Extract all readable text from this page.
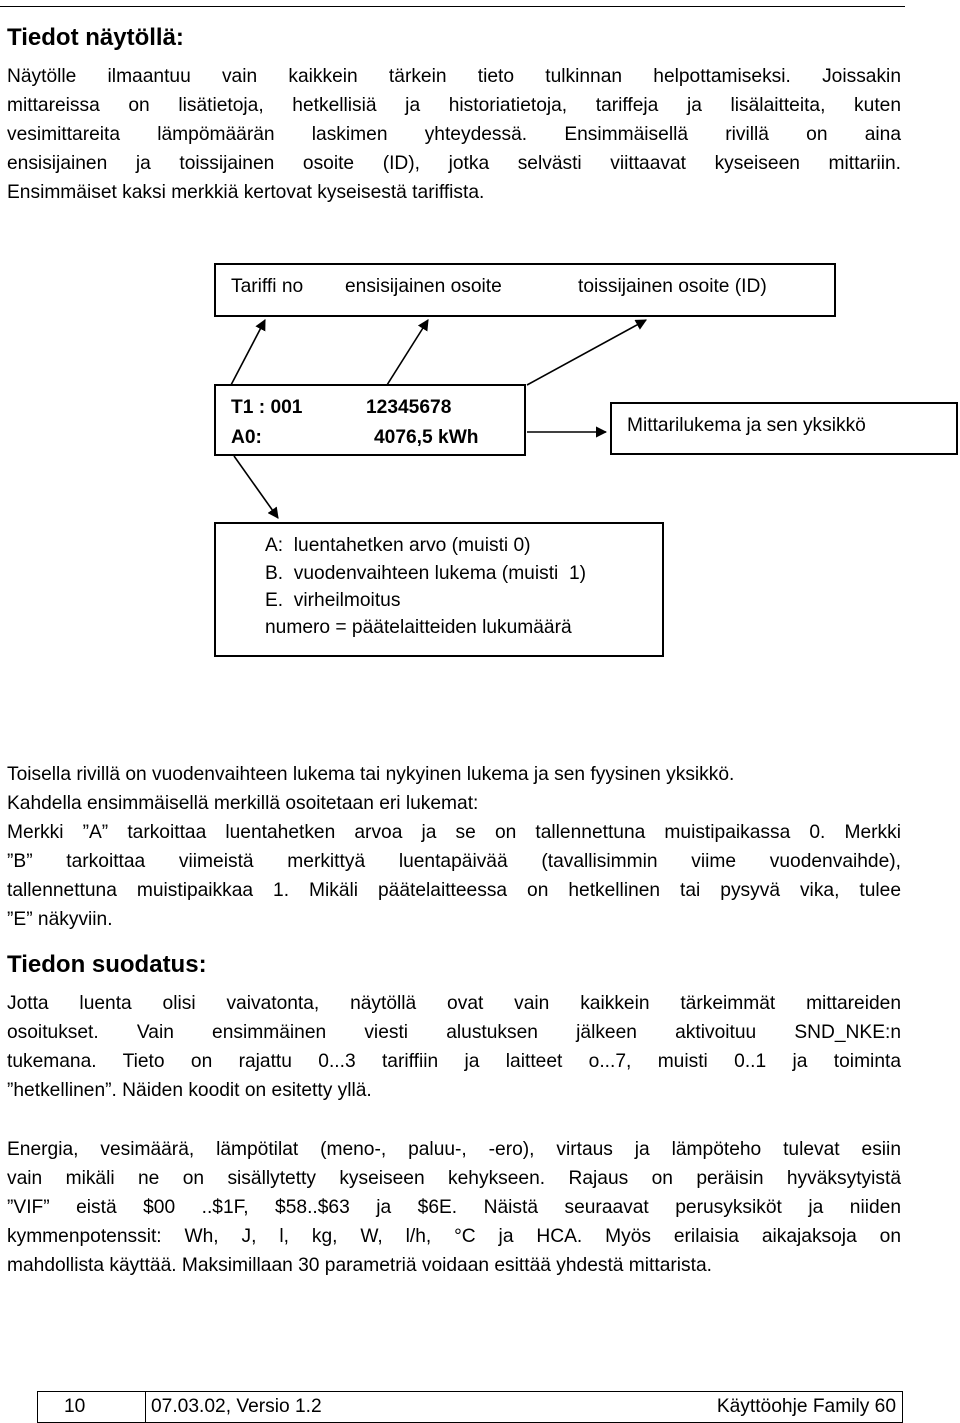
Tiedot näytöllä:
Näytölle ilmaantuu vain kaikkein tärkein tieto tulkinnan helpottamiseksi. Joissakin
mittareissa on lisätietoja, hetkellisiä ja historiatietoja, tariffeja ja lisälaitteita, kuten
vesimittareita lämpömäärän laskimen yhteydessä. Ensimmäisellä rivillä on aina
ensisijainen ja toissijainen osoite (ID), jotka selvästi viittaavat kyseiseen mittariin.
Ensimmäiset kaksi merkkiä kertovat kyseisestä tariffista.
Tariffi no ensisijainen osoite	toissijainen osoite (ID)
T1 : 001	12345678
A0:	4076,5 kWh
Mittarilukema ja sen yksikkö
A:  luentahetken arvo (muisti 0)
B.  vuodenvaihteen lukema (muisti  1)
E.  virheilmoitus
numero = päätelaitteiden lukumäärä
Toisella rivillä on vuodenvaihteen lukema tai nykyinen lukema ja sen fyysinen yksikkö.
Kahdella ensimmäisellä merkillä osoitetaan eri lukemat:
Merkki ”A” tarkoittaa luentahetken arvoa ja se on tallennettuna muistipaikassa 0. Merkki
”B” tarkoittaa viimeistä merkittyä luentapäivää (tavallisimmin viime vuodenvaihde),
tallennettuna muistipaikkaa 1. Mikäli päätelaitteessa on hetkellinen tai pysyvä vika, tulee
”E” näkyviin.
Tiedon suodatus:
Jotta luenta olisi vaivatonta, näytöllä ovat vain kaikkein tärkeimmät mittareiden
osoitukset. Vain ensimmäinen viesti alustuksen jälkeen aktivoituu SND_NKE:n
tukemana. Tieto on rajattu 0...3 tariffiin ja laitteet o...7, muisti 0..1 ja toiminta
”hetkellinen”. Näiden koodit on esitetty yllä.
Energia, vesimäärä, lämpötilat (meno-, paluu-, -ero), virtaus ja lämpöteho tulevat esiin
vain mikäli ne on sisällytetty kyseiseen kehykseen. Rajaus on peräisin hyväksytyistä
”VIF” eistä $00 ..$1F, $58..$63 ja $6E. Näistä seuraavat perusyksiköt ja niiden
kymmenpotenssit: Wh, J, l, kg, W, l/h, °C ja HCA. Myös erilaisia aikajaksoja on
mahdollista käyttää. Maksimillaan 30 parametriä voidaan esittää yhdestä mittarista.
10	07.03.02, Versio 1.2	Käyttöohje Family 60
